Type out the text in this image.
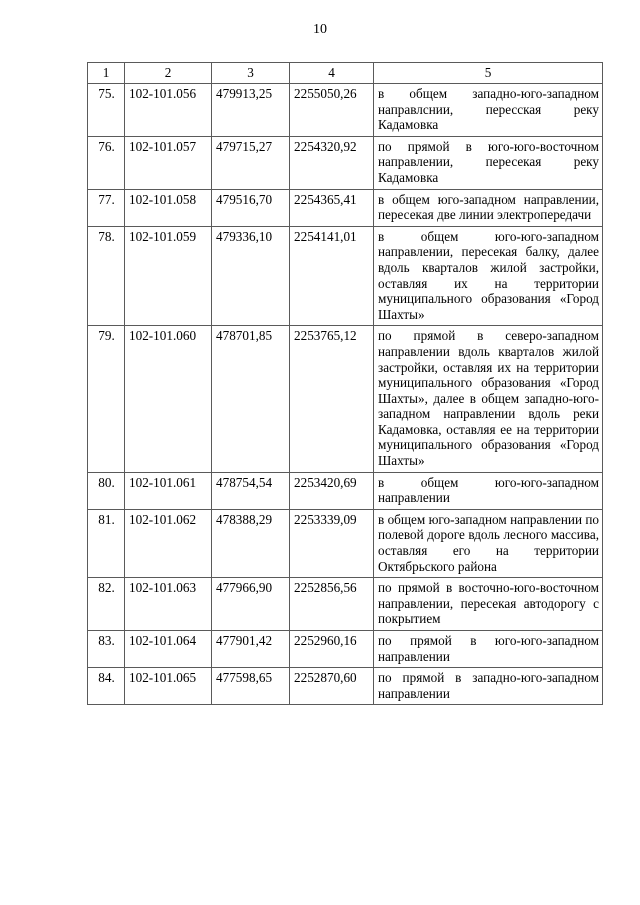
10
1	2	3	4	5
75.	102-101.056	479913,25	2255050,26	в общем западно-юго-западном направлснии, пересская реку Кадамовка
76.	102-101.057	479715,27	2254320,92	по прямой в юго-юго-восточном направлении, пересекая реку Кадамовка
77.	102-101.058	479516,70	2254365,41	в общем юго-западном направлении, пересекая две линии электропередачи
78.	102-101.059	479336,10	2254141,01	в общем юго-юго-западном направлении, пересекая балку, далее вдоль кварталов жилой застройки, оставляя их на территории муниципального образования «Город Шахты»
79.	102-101.060	478701,85	2253765,12	по прямой в северо-западном направлении вдоль кварталов жилой застройки, оставляя их на территории муниципального образования «Город Шахты», далее в общем западно-юго-западном направлении вдоль реки Кадамовка, оставляя ее на территории муниципального образования «Город Шахты»
80.	102-101.061	478754,54	2253420,69	в общем юго-юго-западном направлении
81.	102-101.062	478388,29	2253339,09	в общем юго-западном направлении по полевой дороге вдоль лесного массива, оставляя его на территории Октябрьского района
82.	102-101.063	477966,90	2252856,56	по прямой в восточно-юго-восточном направлении, пересекая автодорогу с покрытием
83.	102-101.064	477901,42	2252960,16	по прямой в юго-юго-западном направлении
84.	102-101.065	477598,65	2252870,60	по прямой в западно-юго-западном направлении
